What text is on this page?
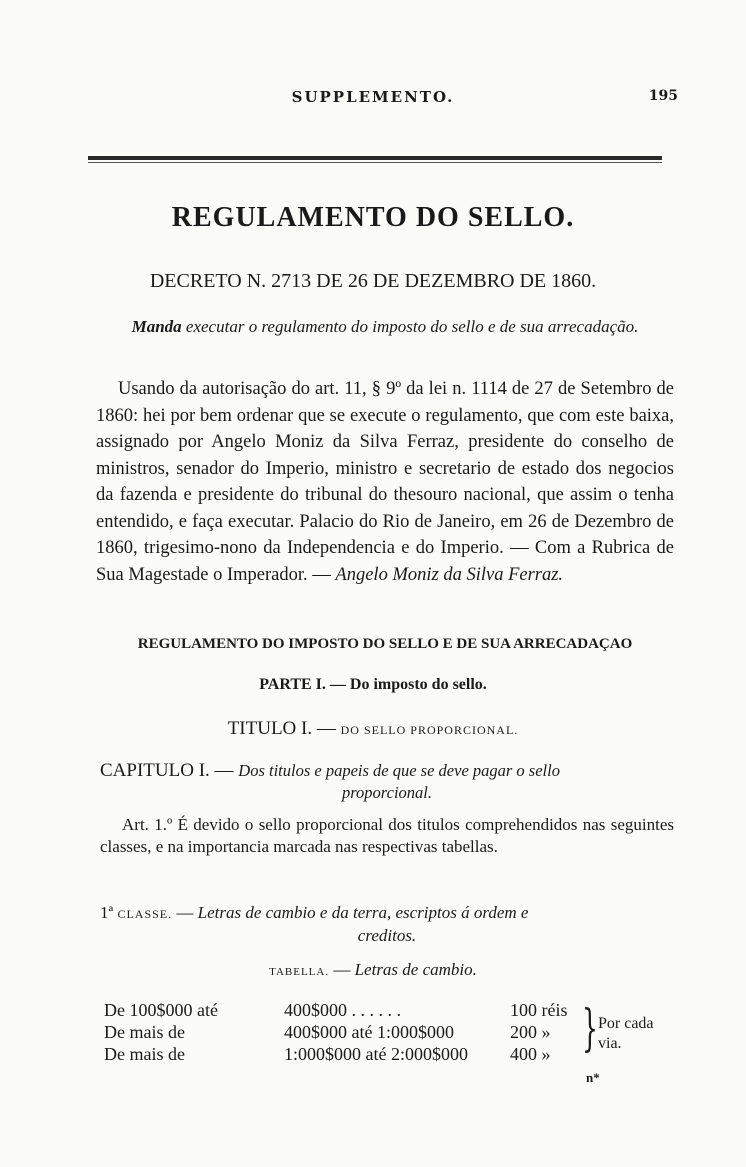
SUPPLEMENTO.	195
REGULAMENTO DO SELLO.
DECRETO N. 2713 DE 26 DE DEZEMBRO DE 1860.
Manda executar o regulamento do imposto do sello e de sua arrecadação.
Usando da autorisação do art. 11, § 9º da lei n. 1114 de 27 de Setembro de 1860: hei por bem ordenar que se execute o regulamento, que com este baixa, assignado por Angelo Moniz da Silva Ferraz, presidente do conselho de ministros, senador do Imperio, ministro e secretario de estado dos negocios da fazenda e presidente do tribunal do thesouro nacional, que assim o tenha entendido, e faça executar. Palacio do Rio de Janeiro, em 26 de Dezembro de 1860, trigesimo-nono da Independencia e do Imperio. — Com a Rubrica de Sua Magestade o Imperador. — Angelo Moniz da Silva Ferraz.
REGULAMENTO DO IMPOSTO DO SELLO E DE SUA ARRECADAÇAO
PARTE I. — Do imposto do sello.
TITULO I. — DO SELLO PROPORCIONAL.
CAPITULO I. — Dos titulos e papeis de que se deve pagar o sello
proporcional.
Art. 1.º É devido o sello proporcional dos titulos comprehendidos nas seguintes classes, e na importancia marcada nas respectivas tabellas.
1ª CLASSE. — Letras de cambio e da terra, escriptos á ordem e
creditos.
TABELLA. — Letras de cambio.
De 100$000 até	400$000 . . . . . .	100 réis
De mais de	400$000 até 1:000$000	200 »
De mais de	1:000$000 até 2:000$000 400 » } Por cada via.
n*
